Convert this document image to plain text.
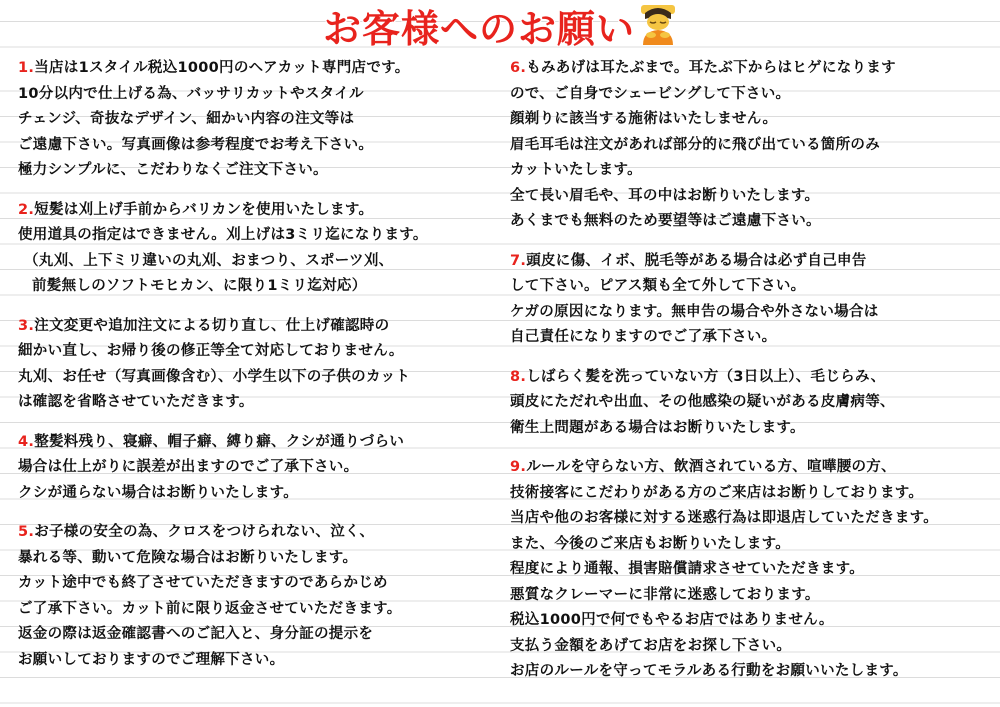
お客様へのお願い
1.当店は1スタイル税込1000円のヘアカット専門店です。
10分以内で仕上げる為、バッサリカットやスタイル
チェンジ、奇抜なデザイン、細かい内容の注文等は
ご遠慮下さい。写真画像は参考程度でお考え下さい。
極力シンプルに、こだわりなくご注文下さい。
2.短髪は刈上げ手前からバリカンを使用いたします。
使用道具の指定はできません。刈上げは3ミリ迄になります。
（丸刈、上下ミリ違いの丸刈、おまつり、スポーツ刈、
前髪無しのソフトモヒカン、に限り1ミリ迄対応）
3.注文変更や追加注文による切り直し、仕上げ確認時の
細かい直し、お帰り後の修正等全て対応しておりません。
丸刈、お任せ（写真画像含む）、小学生以下の子供のカット
は確認を省略させていただきます。
4.整髪料残り、寝癖、帽子癖、縛り癖、クシが通りづらい
場合は仕上がりに誤差が出ますのでご了承下さい。
クシが通らない場合はお断りいたします。
5.お子様の安全の為、クロスをつけられない、泣く、
暴れる等、動いて危険な場合はお断りいたします。
カット途中でも終了させていただきますのであらかじめ
ご了承下さい。カット前に限り返金させていただきます。
返金の際は返金確認書へのご記入と、身分証の提示を
お願いしておりますのでご理解下さい。
6.もみあげは耳たぶまで。耳たぶ下からはヒゲになります
ので、ご自身でシェービングして下さい。
顔剃りに該当する施術はいたしません。
眉毛耳毛は注文があれば部分的に飛び出ている箇所のみ
カットいたします。
全て長い眉毛や、耳の中はお断りいたします。
あくまでも無料のため要望等はご遠慮下さい。
7.頭皮に傷、イボ、脱毛等がある場合は必ず自己申告
して下さい。ピアス類も全て外して下さい。
ケガの原因になります。無申告の場合や外さない場合は
自己責任になりますのでご了承下さい。
8.しばらく髪を洗っていない方（3日以上）、毛じらみ、
頭皮にただれや出血、その他感染の疑いがある皮膚病等、
衛生上問題がある場合はお断りいたします。
9.ルールを守らない方、飲酒されている方、喧嘩腰の方、
技術接客にこだわりがある方のご来店はお断りしております。
当店や他のお客様に対する迷惑行為は即退店していただきます。
また、今後のご来店もお断りいたします。
程度により通報、損害賠償請求させていただきます。
悪質なクレーマーに非常に迷惑しております。
税込1000円で何でもやるお店ではありません。
支払う金額をあげてお店をお探し下さい。
お店のルールを守ってモラルある行動をお願いいたします。
